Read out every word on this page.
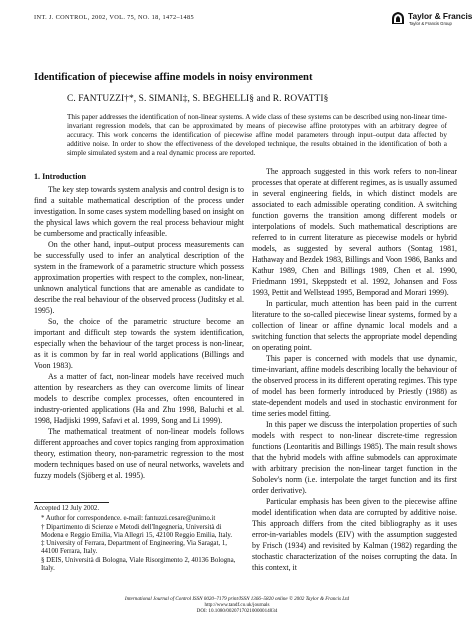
INT. J. CONTROL, 2002, VOL. 75, NO. 18, 1472–1485	Taylor & Francis
Taylor & Francis Group
Identification of piecewise affine models in noisy environment
C. FANTUZZI†*, S. SIMANI‡, S. BEGHELLI§ and R. ROVATTI§

This paper addresses the identification of non-linear systems. A wide class of these systems can be described using non-linear time-invariant regression models, that can be approximated by means of piecewise affine prototypes with an arbitrary degree of accuracy. This work concerns the identification of piecewise affine model parameters through input–output data affected by additive noise. In order to show the effectiveness of the developed technique, the results obtained in the identification of both a simple simulated system and a real dynamic process are reported.

1. Introduction

The key step towards system analysis and control design is to find a suitable mathematical description of the process under investigation. In some cases system modelling based on insight on the physical laws which govern the real process behaviour might be cumbersome and practically infeasible.

On the other hand, input–output process measurements can be successfully used to infer an analytical description of the system in the framework of a parametric structure which possess approximation properties with respect to the complex, non-linear, unknown analytical functions that are amenable as candidate to describe the real behaviour of the observed process (Juditsky et al. 1995).

So, the choice of the parametric structure become an important and difficult step towards the system identification, especially when the behaviour of the target process is non-linear, as it is common by far in real world applications (Billings and Voon 1983).

As a matter of fact, non-linear models have received much attention by researchers as they can overcome limits of linear models to describe complex processes, often encountered in industry-oriented applications (Ha and Zhu 1998, Baluchi et al. 1998, Hadjiski 1999, Safavi et al. 1999, Song and Li 1999).

The mathematical treatment of non-linear models follows different approaches and cover topics ranging from approximation theory, estimation theory, non-parametric regression to the most modern techniques based on use of neural networks, wavelets and fuzzy models (Sjöberg et al. 1995).

The approach suggested in this work refers to non-linear processes that operate at different regimes, as is usually assumed in several engineering fields, in which distinct models are associated to each admissible operating condition. A switching function governs the transition among different models or interpolations of models. Such mathematical descriptions are referred to in current literature as piecewise models or hybrid models, as suggested by several authors (Sontag 1981, Hathaway and Bezdek 1983, Billings and Voon 1986, Banks and Kathur 1989, Chen and Billings 1989, Chen et al. 1990, Friedmann 1991, Skeppstedt et al. 1992, Johansen and Foss 1993, Pettit and Wellstead 1995, Bemporad and Morari 1999).

In particular, much attention has been paid in the current literature to the so-called piecewise linear systems, formed by a collection of linear or affine dynamic local models and a switching function that selects the appropriate model depending on operating point.

This paper is concerned with models that use dynamic, time-invariant, affine models describing locally the behaviour of the observed process in its different operating regimes. This type of model has been formerly introduced by Priestly (1988) as state-dependent models and used in stochastic environment for time series model fitting.

In this paper we discuss the interpolation properties of such models with respect to non-linear discrete-time regression functions (Leontaritis and Billings 1985). The main result shows that the hybrid models with affine submodels can approximate with arbitrary precision the non-linear target function in the Sobolev's norm (i.e. interpolate the target function and its first order derivative).

Particular emphasis has been given to the piecewise affine model identification when data are corrupted by additive noise. This approach differs from the cited bibliography as it uses error-in-variables models (EIV) with the assumption suggested by Frisch (1934) and revisited by Kalman (1982) regarding the stochastic characterization of the noises corrupting the data. In this context, it

Accepted 12 July 2002.
* Author for correspondence. e-mail: fantuzzi.cesare@unimo.it
† Dipartimento di Scienze e Metodi dell'Ingegneria, Università di Modena e Reggio Emilia, Via Allegri 15, 42100 Reggio Emilia, Italy.
‡ University of Ferrara, Department of Engineering, Via Saragat, 1, 44100 Ferrara, Italy.
§ DEIS, Università di Bologna, Viale Risorgimento 2, 40136 Bologna, Italy.
International Journal of Control ISSN 0020–7179 print/ISSN 1366–5820 online © 2002 Taylor & Francis Ltd
http://www.tandf.co.uk/journals
DOI: 10.1080/00207170210000014834
